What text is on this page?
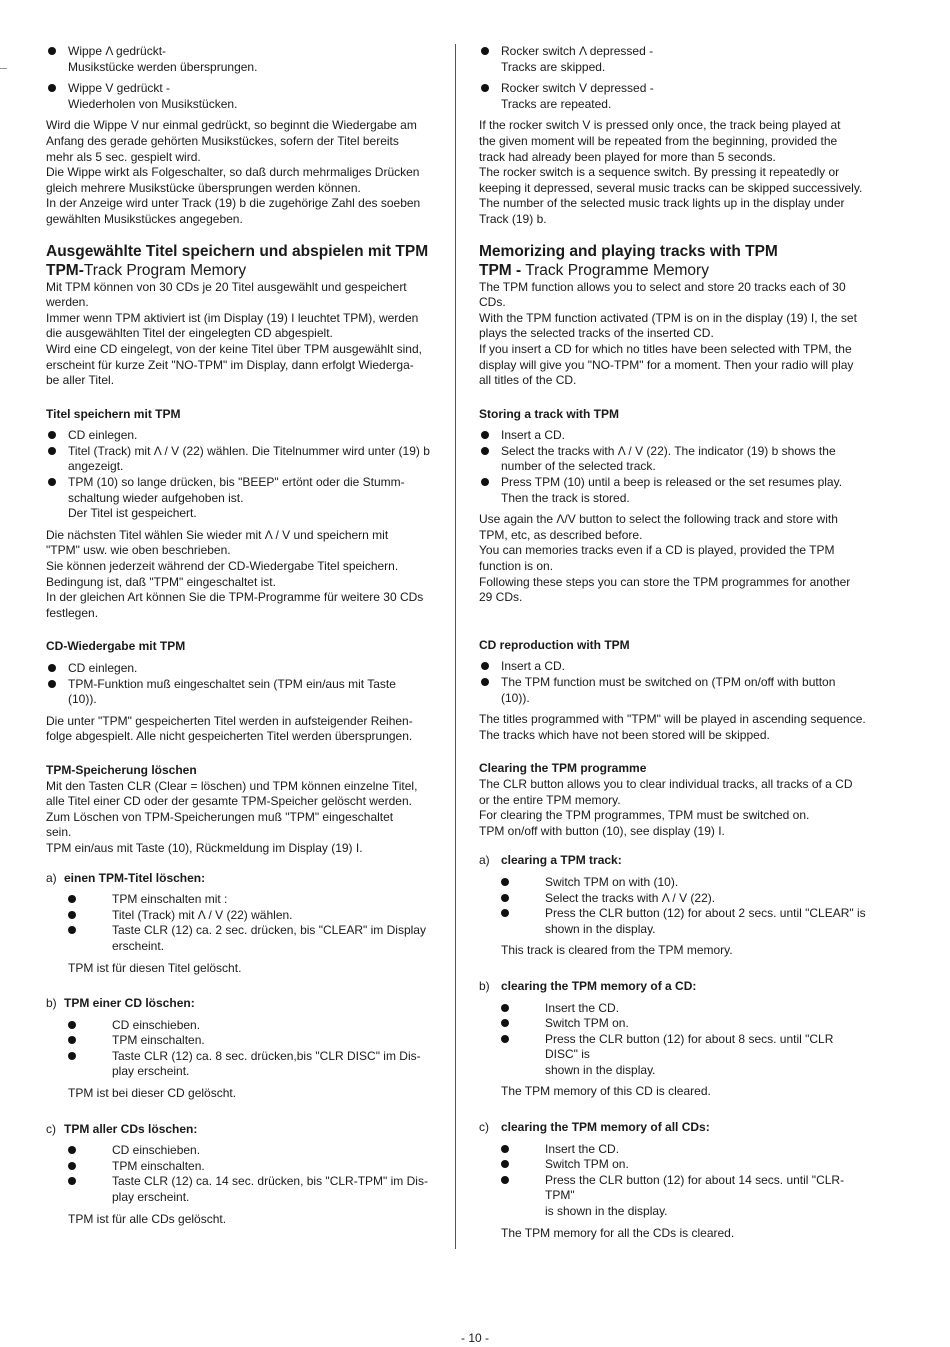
Wippe Λ gedrückt-
Musikstücke werden übersprungen.
Wippe V gedrückt -
Wiederholen von Musikstücken.
Wird die Wippe V nur einmal gedrückt, so beginnt die Wiedergabe am
Anfang des gerade gehörten Musikstückes, sofern der Titel bereits
mehr als 5 sec. gespielt wird.
Die Wippe wirkt als Folgeschalter, so daß durch mehrmaliges Drücken
gleich mehrere Musikstücke übersprungen werden können.
In der Anzeige wird unter Track (19) b die zugehörige Zahl des soeben
gewählten Musikstückes angegeben.
Ausgewählte Titel speichern und abspielen mit TPM
TPM-Track Program Memory
Mit TPM können von 30 CDs je 20 Titel ausgewählt und gespeichert
werden.
Immer wenn TPM aktiviert ist (im Display (19) I leuchtet TPM), werden
die ausgewählten Titel der eingelegten CD abgespielt.
Wird eine CD eingelegt, von der keine Titel über TPM ausgewählt sind,
erscheint für kurze Zeit "NO-TPM" im Display, dann erfolgt Wiederga-
be aller Titel.
Titel speichern mit TPM
CD einlegen.
Titel (Track) mit Λ / V (22) wählen. Die Titelnummer wird unter (19) b
angezeigt.
TPM (10) so lange drücken, bis "BEEP" ertönt oder die Stumm-
schaltung wieder aufgehoben ist.
Der Titel ist gespeichert.
Die nächsten Titel wählen Sie wieder mit Λ / V und speichern mit
"TPM" usw. wie oben beschrieben.
Sie können jederzeit während der CD-Wiedergabe Titel speichern.
Bedingung ist, daß "TPM" eingeschaltet ist.
In der gleichen Art können Sie die TPM-Programme für weitere 30 CDs
festlegen.
CD-Wiedergabe mit TPM
CD einlegen.
TPM-Funktion muß eingeschaltet sein (TPM ein/aus mit Taste
(10)).
Die unter "TPM" gespeicherten Titel werden in aufsteigender Reihen-
folge abgespielt. Alle nicht gespeicherten Titel werden übersprungen.
TPM-Speicherung löschen
Mit den Tasten CLR (Clear = löschen) und TPM können einzelne Titel,
alle Titel einer CD oder der gesamte TPM-Speicher gelöscht werden.
Zum Löschen von TPM-Speicherungen muß "TPM" eingeschaltet
sein.
TPM ein/aus mit Taste (10), Rückmeldung im Display (19) I.
a) einen TPM-Titel löschen:
TPM einschalten mit :
Titel (Track) mit Λ / V (22) wählen.
Taste CLR (12) ca. 2 sec. drücken, bis "CLEAR" im Display
erscheint.
TPM ist für diesen Titel gelöscht.
b) TPM einer CD löschen:
CD einschieben.
TPM einschalten.
Taste CLR (12) ca. 8 sec. drücken,bis "CLR DISC" im Dis-
play erscheint.
TPM ist bei dieser CD gelöscht.
c) TPM aller CDs löschen:
CD einschieben.
TPM einschalten.
Taste CLR (12) ca. 14 sec. drücken, bis "CLR-TPM" im Dis-
play erscheint.
TPM ist für alle CDs gelöscht.
Rocker switch Λ depressed -
Tracks are skipped.
Rocker switch V depressed -
Tracks are repeated.
If the rocker switch V is pressed only once, the track being played at
the given moment will be repeated from the beginning, provided the
track had already been played for more than 5 seconds.
The rocker switch is a sequence switch. By pressing it repeatedly or
keeping it depressed, several music tracks can be skipped successively.
The number of the selected music track lights up in the display under
Track (19) b.
Memorizing and playing tracks with TPM
TPM - Track Programme Memory
The TPM function allows you to select and store 20 tracks each of 30
CDs.
With the TPM function activated (TPM is on in the display (19) I, the set
plays the selected tracks of the inserted CD.
If you insert a CD for which no titles have been selected with TPM, the
display will give you "NO-TPM" for a moment. Then your radio will play
all titles of the CD.
Storing a track with TPM
Insert a CD.
Select the tracks with Λ / V (22). The indicator (19) b shows the
number of the selected track.
Press TPM (10) until a beep is released or the set resumes play.
Then the track is stored.
Use again the Λ/V button to select the following track and store with
TPM, etc, as described before.
You can memories tracks even if a CD is played, provided the TPM
function is on.
Following these steps you can store the TPM programmes for another
29 CDs.
CD reproduction with TPM
Insert a CD.
The TPM function must be switched on (TPM on/off with button
(10)).
The titles programmed with "TPM" will be played in ascending sequence.
The tracks which have not been stored will be skipped.
Clearing the TPM programme
The CLR button allows you to clear individual tracks, all tracks of a CD
or the entire TPM memory.
For clearing the TPM programmes, TPM must be switched on.
TPM on/off with button (10), see display (19) I.
a) clearing a TPM track:
Switch TPM on with (10).
Select the tracks with Λ / V (22).
Press the CLR button (12) for about 2 secs. until "CLEAR" is
shown in the display.
This track is cleared from the TPM memory.
b) clearing the TPM memory of a CD:
Insert the CD.
Switch TPM on.
Press the CLR button (12) for about 8 secs. until "CLR DISC" is
shown in the display.
The TPM memory of this CD is cleared.
c) clearing the TPM memory of all CDs:
Insert the CD.
Switch TPM on.
Press the CLR button (12) for about 14 secs. until "CLR-TPM"
is shown in the display.
The TPM memory for all the CDs is cleared.
- 10 -
